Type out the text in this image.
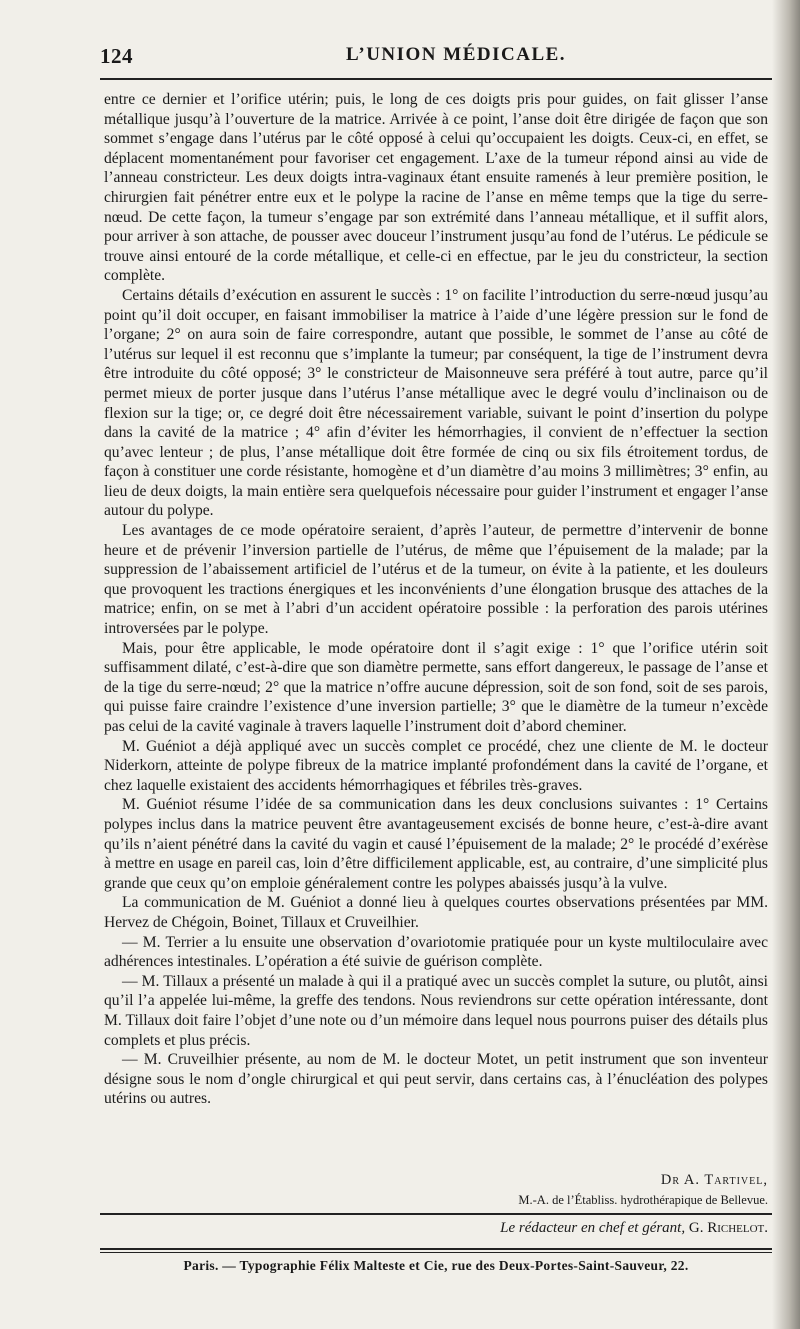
124	L’UNION MÉDICALE.

entre ce dernier et l’orifice utérin; puis, le long de ces doigts pris pour guides, on fait glisser l’anse métallique jusqu’à l’ouverture de la matrice. Arrivée à ce point, l’anse doit être dirigée de façon que son sommet s’engage dans l’utérus par le côté opposé à celui qu’occupaient les doigts. Ceux-ci, en effet, se déplacent momentanément pour favoriser cet engagement. L’axe de la tumeur répond ainsi au vide de l’anneau constricteur. Les deux doigts intra-vaginaux étant ensuite ramenés à leur première position, le chirurgien fait pénétrer entre eux et le polype la racine de l’anse en même temps que la tige du serre-nœud. De cette façon, la tumeur s’engage par son extrémité dans l’anneau métallique, et il suffit alors, pour arriver à son attache, de pousser avec douceur l’instrument jusqu’au fond de l’utérus. Le pédicule se trouve ainsi entouré de la corde métallique, et celle-ci en effectue, par le jeu du constricteur, la section complète.

Certains détails d’exécution en assurent le succès : 1° on facilite l’introduction du serre-nœud jusqu’au point qu’il doit occuper, en faisant immobiliser la matrice à l’aide d’une légère pression sur le fond de l’organe; 2° on aura soin de faire correspondre, autant que possible, le sommet de l’anse au côté de l’utérus sur lequel il est reconnu que s’implante la tumeur; par conséquent, la tige de l’instrument devra être introduite du côté opposé; 3° le constricteur de Maisonneuve sera préféré à tout autre, parce qu’il permet mieux de porter jusque dans l’utérus l’anse métallique avec le degré voulu d’inclinaison ou de flexion sur la tige; or, ce degré doit être nécessairement variable, suivant le point d’insertion du polype dans la cavité de la matrice ; 4° afin d’éviter les hémorrhagies, il convient de n’effectuer la section qu’avec lenteur ; de plus, l’anse métallique doit être formée de cinq ou six fils étroitement tordus, de façon à constituer une corde résistante, homogène et d’un diamètre d’au moins 3 millimètres; 3° enfin, au lieu de deux doigts, la main entière sera quelquefois nécessaire pour guider l’instrument et engager l’anse autour du polype.

Les avantages de ce mode opératoire seraient, d’après l’auteur, de permettre d’intervenir de bonne heure et de prévenir l’inversion partielle de l’utérus, de même que l’épuisement de la malade; par la suppression de l’abaissement artificiel de l’utérus et de la tumeur, on évite à la patiente, et les douleurs que provoquent les tractions énergiques et les inconvénients d’une élongation brusque des attaches de la matrice; enfin, on se met à l’abri d’un accident opératoire possible : la perforation des parois utérines introversées par le polype.

Mais, pour être applicable, le mode opératoire dont il s’agit exige : 1° que l’orifice utérin soit suffisamment dilaté, c’est-à-dire que son diamètre permette, sans effort dangereux, le passage de l’anse et de la tige du serre-nœud; 2° que la matrice n’offre aucune dépression, soit de son fond, soit de ses parois, qui puisse faire craindre l’existence d’une inversion partielle; 3° que le diamètre de la tumeur n’excède pas celui de la cavité vaginale à travers laquelle l’instrument doit d’abord cheminer.

M. Guéniot a déjà appliqué avec un succès complet ce procédé, chez une cliente de M. le docteur Niderkorn, atteinte de polype fibreux de la matrice implanté profondément dans la cavité de l’organe, et chez laquelle existaient des accidents hémorrhagiques et fébriles très-graves.

M. Guéniot résume l’idée de sa communication dans les deux conclusions suivantes : 1° Certains polypes inclus dans la matrice peuvent être avantageusement excisés de bonne heure, c’est-à-dire avant qu’ils n’aient pénétré dans la cavité du vagin et causé l’épuisement de la malade; 2° le procédé d’exérèse à mettre en usage en pareil cas, loin d’être difficilement applicable, est, au contraire, d’une simplicité plus grande que ceux qu’on emploie généralement contre les polypes abaissés jusqu’à la vulve.

La communication de M. Guéniot a donné lieu à quelques courtes observations présentées par MM. Hervez de Chégoin, Boinet, Tillaux et Cruveilhier.

— M. Terrier a lu ensuite une observation d’ovariotomie pratiquée pour un kyste multiloculaire avec adhérences intestinales. L’opération a été suivie de guérison complète.

— M. Tillaux a présenté un malade à qui il a pratiqué avec un succès complet la suture, ou plutôt, ainsi qu’il l’a appelée lui-même, la greffe des tendons. Nous reviendrons sur cette opération intéressante, dont M. Tillaux doit faire l’objet d’une note ou d’un mémoire dans lequel nous pourrons puiser des détails plus complets et plus précis.

— M. Cruveilhier présente, au nom de M. le docteur Motet, un petit instrument que son inventeur désigne sous le nom d’ongle chirurgical et qui peut servir, dans certains cas, à l’énucléation des polypes utérins ou autres.

Dr A. Tartivel,
M.-A. de l’Établiss. hydrothérapique de Bellevue.
Le rédacteur en chef et gérant, G. Richelot.
Paris. — Typographie Félix Malteste et Cie, rue des Deux-Portes-Saint-Sauveur, 22.
